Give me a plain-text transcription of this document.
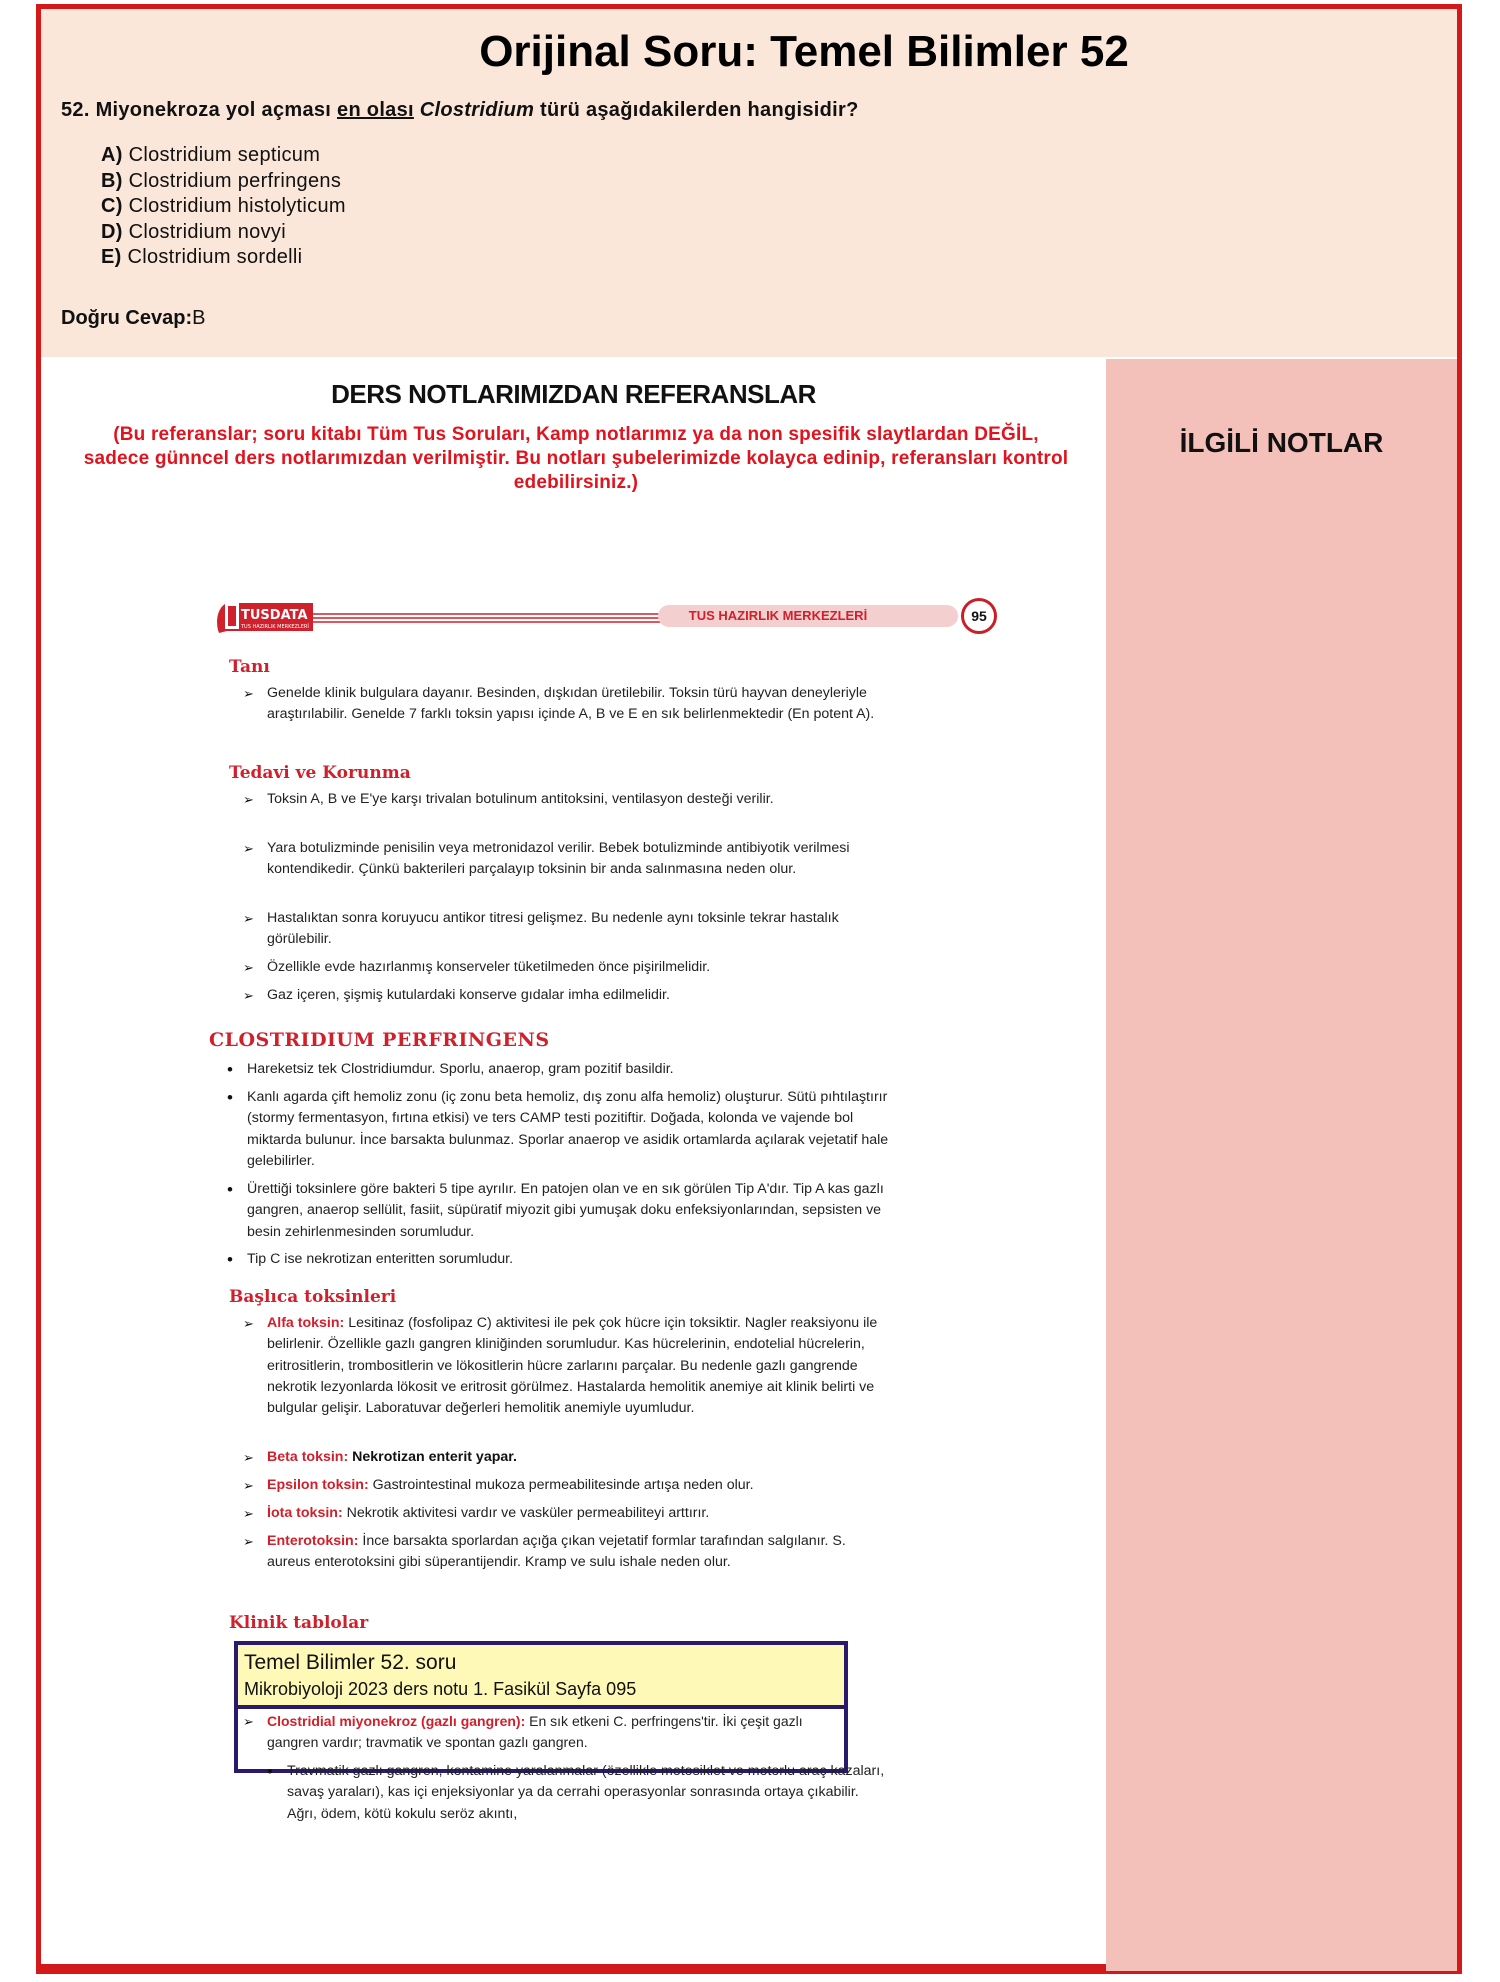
Orijinal Soru: Temel Bilimler 52
52. Miyonekroza yol açması en olası Clostridium türü aşağıdakilerden hangisidir?
A) Clostridium septicum
B) Clostridium perfringens
C) Clostridium histolyticum
D) Clostridium novyi
E) Clostridium sordelli
Doğru Cevap:B
DERS NOTLARIMIZDAN REFERANSLAR
(Bu referanslar; soru kitabı Tüm Tus Soruları, Kamp notlarımız ya da non spesifik slaytlardan DEĞİL, sadece günncel ders notlarımızdan verilmiştir. Bu notları şubelerimizde kolayca edinip, referansları kontrol edebilirsiniz.)
İLGİLİ NOTLAR
TUSDATA
TUS HAZIRLIK MERKEZLERİ
TUS HAZIRLIK MERKEZLERİ	95
Tanı
➢ Genelde klinik bulgulara dayanır. Besinden, dışkıdan üretilebilir. Toksin türü hayvan deneyleriyle araştırılabilir. Genelde 7 farklı toksin yapısı içinde A, B ve E en sık belirlenmektedir (En potent A).
Tedavi ve Korunma
➢ Toksin A, B ve E'ye karşı trivalan botulinum antitoksini, ventilasyon desteği verilir.
➢ Yara botulizminde penisilin veya metronidazol verilir. Bebek botulizminde antibiyotik verilmesi kontendikedir. Çünkü bakterileri parçalayıp toksinin bir anda salınmasına neden olur.
➢ Hastalıktan sonra koruyucu antikor titresi gelişmez. Bu nedenle aynı toksinle tekrar hastalık görülebilir.
➢ Özellikle evde hazırlanmış konserveler tüketilmeden önce pişirilmelidir.
➢ Gaz içeren, şişmiş kutulardaki konserve gıdalar imha edilmelidir.
CLOSTRIDIUM PERFRINGENS
• Hareketsiz tek Clostridiumdur. Sporlu, anaerop, gram pozitif basildir.
• Kanlı agarda çift hemoliz zonu (iç zonu beta hemoliz, dış zonu alfa hemoliz) oluşturur. Sütü pıhtılaştırır (stormy fermentasyon, fırtına etkisi) ve ters CAMP testi pozitiftir. Doğada, kolonda ve vajende bol miktarda bulunur. İnce barsakta bulunmaz. Sporlar anaerop ve asidik ortamlarda açılarak vejetatif hale gelebilirler.
• Ürettiği toksinlere göre bakteri 5 tipe ayrılır. En patojen olan ve en sık görülen Tip A'dır. Tip A kas gazlı gangren, anaerop sellülit, fasiit, süpüratif miyozit gibi yumuşak doku enfeksiyonlarından, sepsisten ve besin zehirlenmesinden sorumludur.
• Tip C ise nekrotizan enteritten sorumludur.
Başlıca toksinleri
➢ Alfa toksin: Lesitinaz (fosfolipaz C) aktivitesi ile pek çok hücre için toksiktir. Nagler reaksiyonu ile belirlenir. Özellikle gazlı gangren kliniğinden sorumludur. Kas hücrelerinin, endotelial hücrelerin, eritrositlerin, trombositlerin ve lökositlerin hücre zarlarını parçalar. Bu nedenle gazlı gangrende nekrotik lezyonlarda lökosit ve eritrosit görülmez. Hastalarda hemolitik anemiye ait klinik belirti ve bulgular gelişir. Laboratuvar değerleri hemolitik anemiyle uyumludur.
➢ Beta toksin: Nekrotizan enterit yapar.
➢ Epsilon toksin: Gastrointestinal mukoza permeabilitesinde artışa neden olur.
➢ İota toksin: Nekrotik aktivitesi vardır ve vasküler permeabiliteyi arttırır.
➢ Enterotoksin: İnce barsakta sporlardan açığa çıkan vejetatif formlar tarafından salgılanır. S. aureus enterotoksini gibi süperantijendir. Kramp ve sulu ishale neden olur.
Klinik tablolar
Temel Bilimler 52. soru
Mikrobiyoloji 2023 ders notu 1. Fasikül Sayfa 095
➢ Clostridial miyonekroz (gazlı gangren): En sık etkeni C. perfringens'tir. İki çeşit gazlı gangren vardır; travmatik ve spontan gazlı gangren.
• Travmatik gazlı gangren, kontamine yaralanmalar (özellikle motosiklet ve motorlu araç kazaları, savaş yaraları), kas içi enjeksiyonlar ya da cerrahi operasyonlar sonrasında ortaya çıkabilir. Ağrı, ödem, kötü kokulu seröz akıntı,
